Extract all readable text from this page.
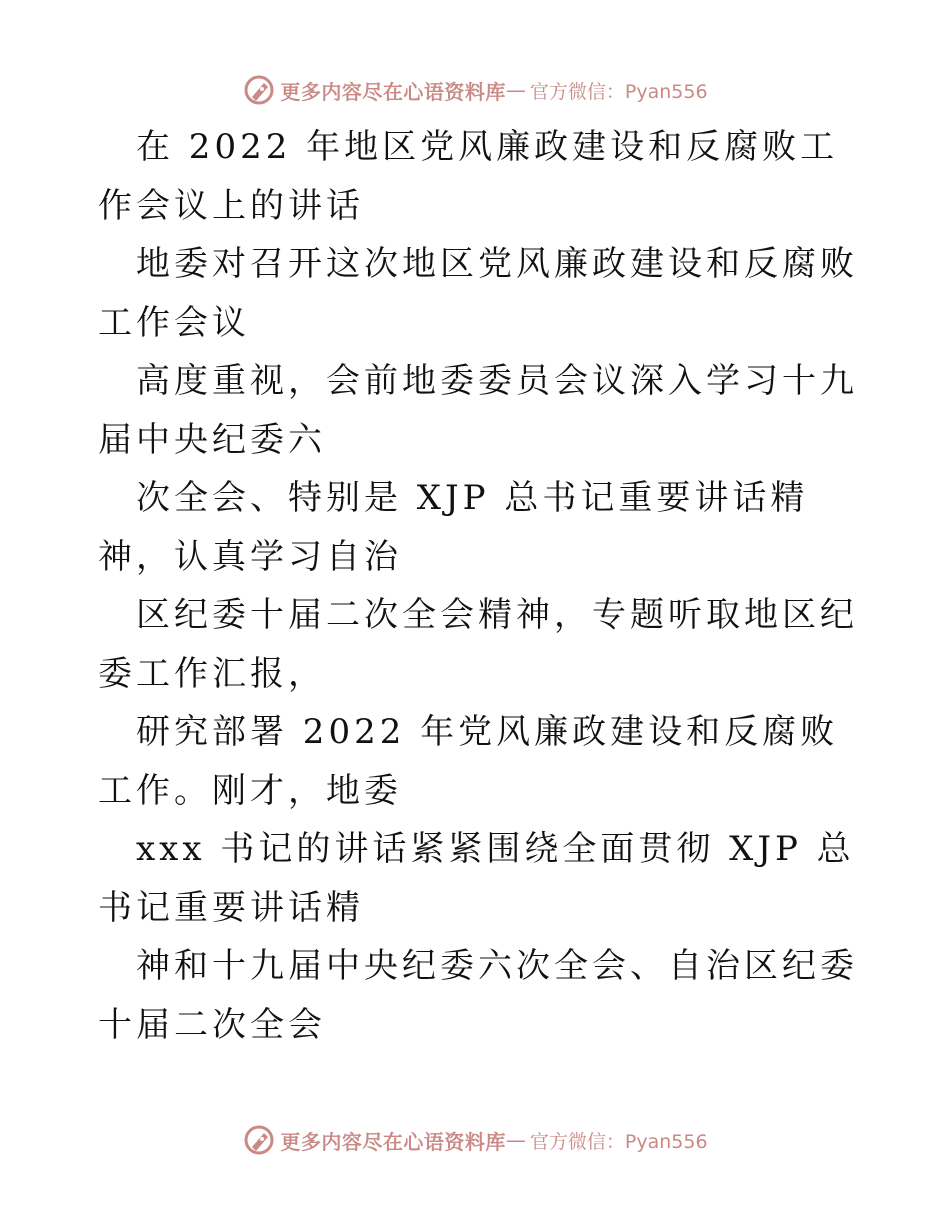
更多内容尽在心语资料库 — 官方微信：Pyan556

在 2022 年地区党风廉政建设和反腐败工作会议上的讲话

地委对召开这次地区党风廉政建设和反腐败工作会议

高度重视，会前地委委员会议深入学习十九届中央纪委六

次全会、特别是 XJP 总书记重要讲话精神，认真学习自治

区纪委十届二次全会精神，专题听取地区纪委工作汇报，

研究部署 2022 年党风廉政建设和反腐败工作。刚才，地委

xxx 书记的讲话紧紧围绕全面贯彻 XJP 总书记重要讲话精

神和十九届中央纪委六次全会、自治区纪委十届二次全会

更多内容尽在心语资料库 — 官方微信：Pyan556
